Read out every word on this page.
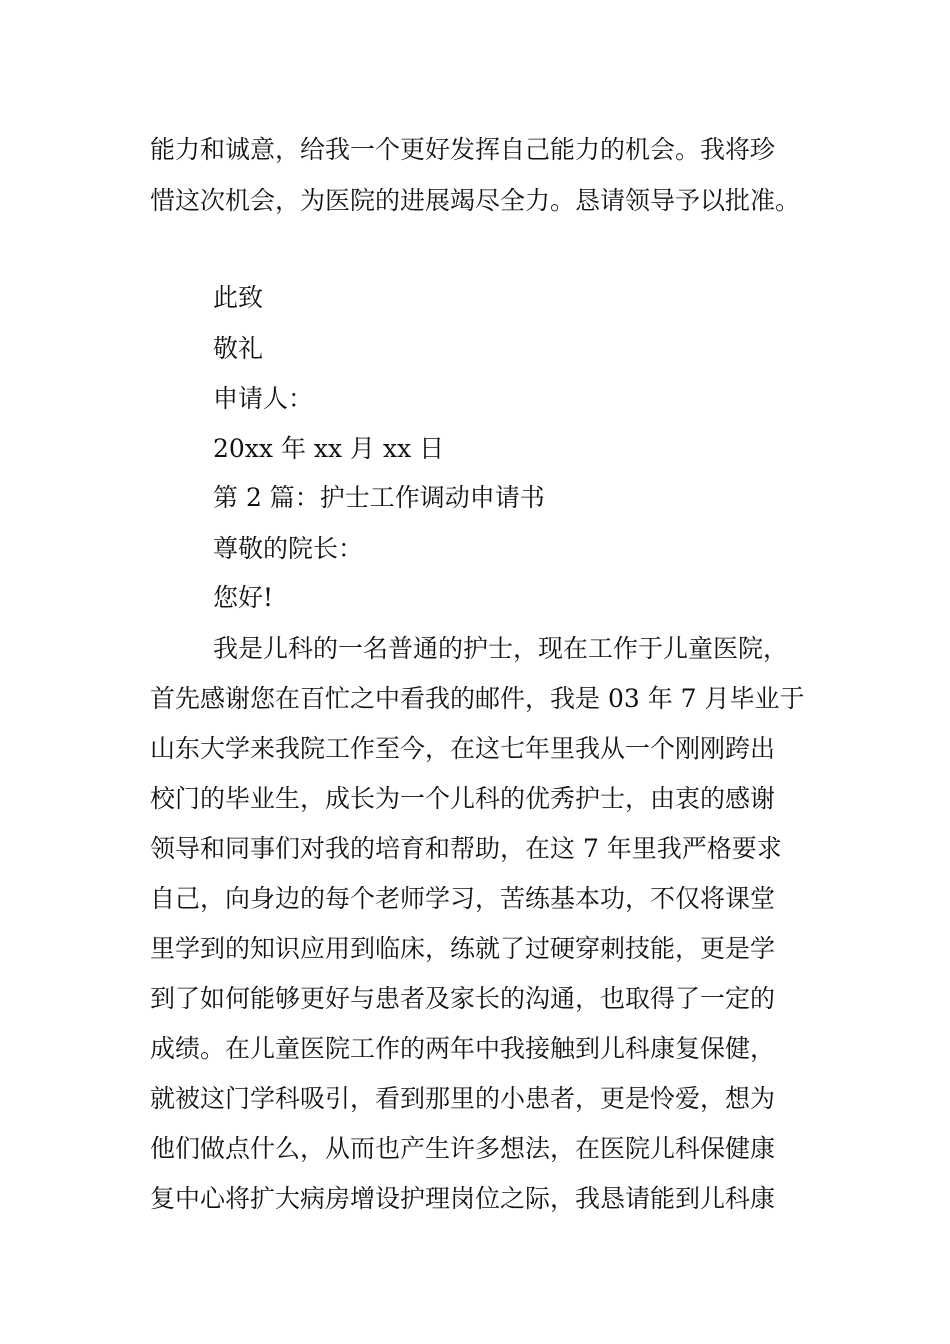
能力和诚意，给我一个更好发挥自己能力的机会。我将珍
惜这次机会，为医院的进展竭尽全力。恳请领导予以批准。
此致
敬礼
申请人：
20xx 年 xx 月 xx 日
第 2 篇：护士工作调动申请书
尊敬的院长：
您好!
我是儿科的一名普通的护士，现在工作于儿童医院，
首先感谢您在百忙之中看我的邮件，我是 03 年 7 月毕业于
山东大学来我院工作至今，在这七年里我从一个刚刚跨出
校门的毕业生，成长为一个儿科的优秀护士，由衷的感谢
领导和同事们对我的培育和帮助，在这 7 年里我严格要求
自己，向身边的每个老师学习，苦练基本功，不仅将课堂
里学到的知识应用到临床，练就了过硬穿刺技能，更是学
到了如何能够更好与患者及家长的沟通，也取得了一定的
成绩。在儿童医院工作的两年中我接触到儿科康复保健，
就被这门学科吸引，看到那里的小患者，更是怜爱，想为
他们做点什么，从而也产生许多想法，在医院儿科保健康
复中心将扩大病房增设护理岗位之际，我恳请能到儿科康
